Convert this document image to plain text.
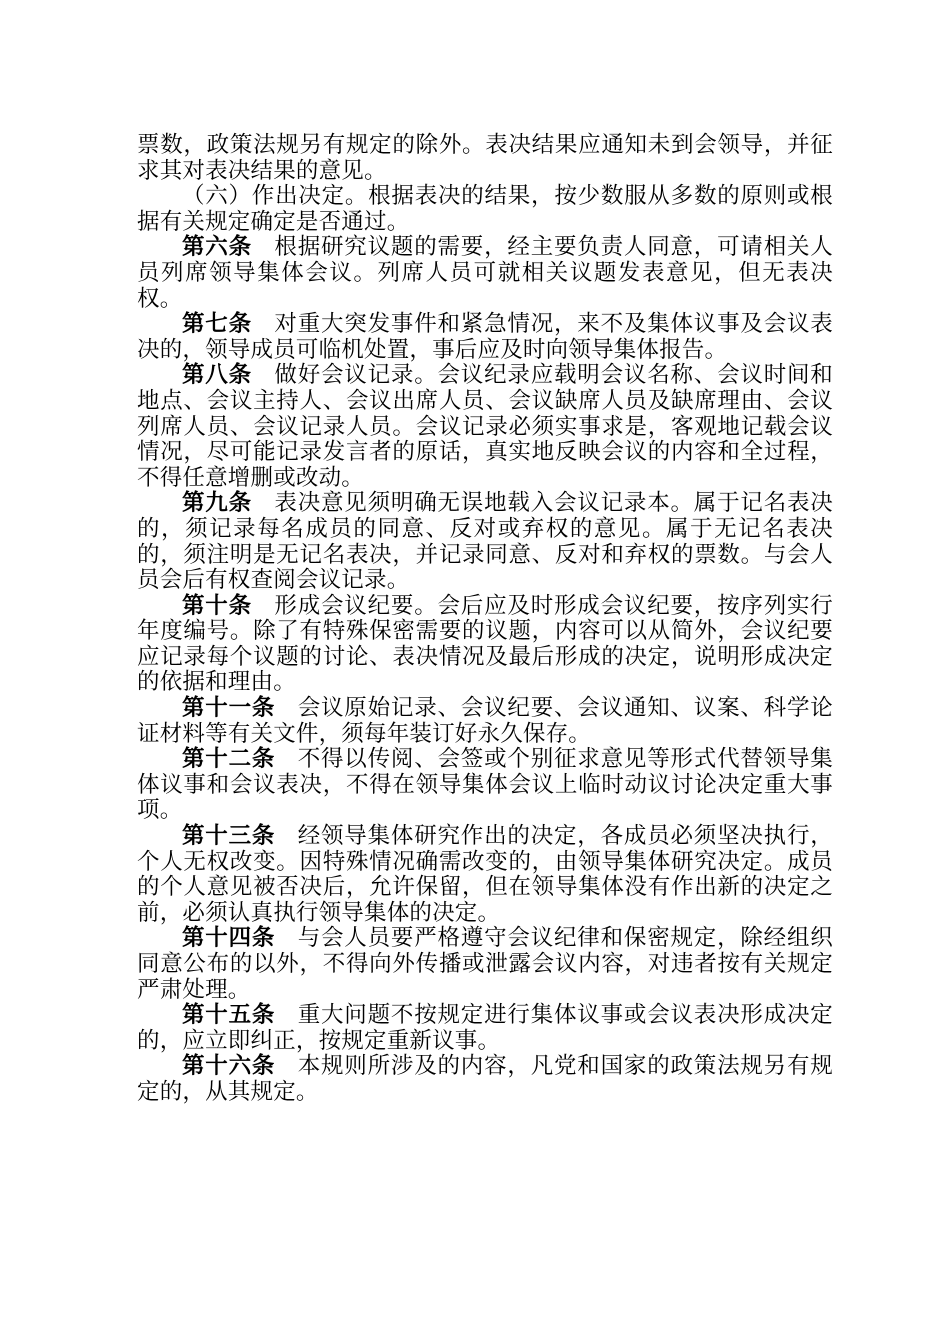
票数，政策法规另有规定的除外。表决结果应通知未到会领导，并征求其对表决结果的意见。

（六）作出决定。根据表决的结果，按少数服从多数的原则或根据有关规定确定是否通过。

第六条 根据研究议题的需要，经主要负责人同意，可请相关人员列席领导集体会议。列席人员可就相关议题发表意见，但无表决权。

第七条 对重大突发事件和紧急情况，来不及集体议事及会议表决的，领导成员可临机处置，事后应及时向领导集体报告。

第八条 做好会议记录。会议纪录应载明会议名称、会议时间和地点、会议主持人、会议出席人员、会议缺席人员及缺席理由、会议列席人员、会议记录人员。会议记录必须实事求是，客观地记载会议情况，尽可能记录发言者的原话，真实地反映会议的内容和全过程，不得任意增删或改动。

第九条 表决意见须明确无误地载入会议记录本。属于记名表决的，须记录每名成员的同意、反对或弃权的意见。属于无记名表决的，须注明是无记名表决，并记录同意、反对和弃权的票数。与会人员会后有权查阅会议记录。

第十条 形成会议纪要。会后应及时形成会议纪要，按序列实行年度编号。除了有特殊保密需要的议题，内容可以从简外，会议纪要应记录每个议题的讨论、表决情况及最后形成的决定，说明形成决定的依据和理由。

第十一条 会议原始记录、会议纪要、会议通知、议案、科学论证材料等有关文件，须每年装订好永久保存。

第十二条 不得以传阅、会签或个别征求意见等形式代替领导集体议事和会议表决，不得在领导集体会议上临时动议讨论决定重大事项。

第十三条 经领导集体研究作出的决定，各成员必须坚决执行，个人无权改变。因特殊情况确需改变的，由领导集体研究决定。成员的个人意见被否决后，允许保留，但在领导集体没有作出新的决定之前，必须认真执行领导集体的决定。

第十四条 与会人员要严格遵守会议纪律和保密规定，除经组织同意公布的以外，不得向外传播或泄露会议内容，对违者按有关规定严肃处理。

第十五条 重大问题不按规定进行集体议事或会议表决形成决定的，应立即纠正，按规定重新议事。

第十六条 本规则所涉及的内容，凡党和国家的政策法规另有规定的，从其规定。
